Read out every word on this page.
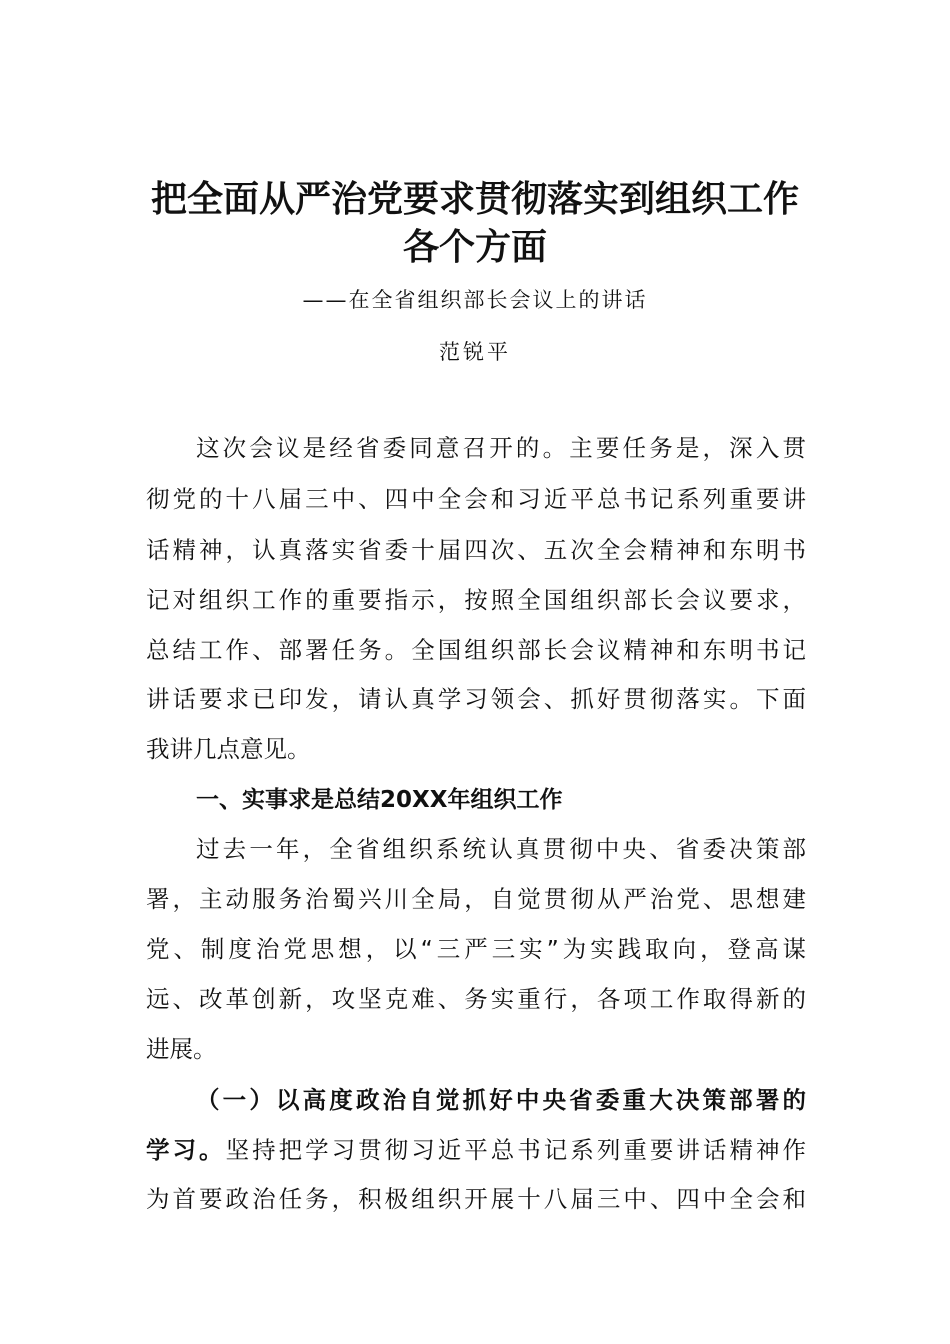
把全面从严治党要求贯彻落实到组织工作
各个方面
——在全省组织部长会议上的讲话
范锐平
这次会议是经省委同意召开的。主要任务是，深入贯
彻党的十八届三中、四中全会和习近平总书记系列重要讲
话精神，认真落实省委十届四次、五次全会精神和东明书
记对组织工作的重要指示，按照全国组织部长会议要求，
总结工作、部署任务。全国组织部长会议精神和东明书记
讲话要求已印发，请认真学习领会、抓好贯彻落实。下面
我讲几点意见。
一、实事求是总结20XX年组织工作
过去一年，全省组织系统认真贯彻中央、省委决策部
署，主动服务治蜀兴川全局，自觉贯彻从严治党、思想建
党、制度治党思想，以“三严三实”为实践取向，登高谋
远、改革创新，攻坚克难、务实重行，各项工作取得新的
进展。
（一）以高度政治自觉抓好中央省委重大决策部署的
学习。坚持把学习贯彻习近平总书记系列重要讲话精神作
为首要政治任务，积极组织开展十八届三中、四中全会和
